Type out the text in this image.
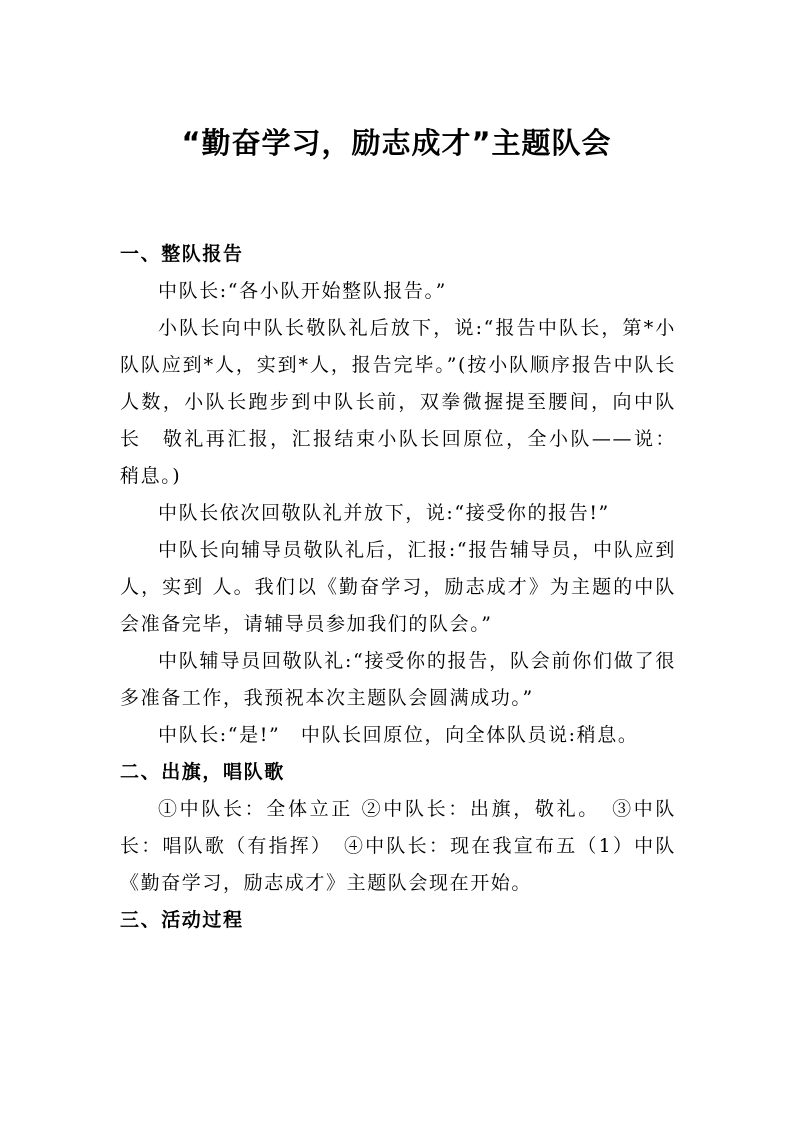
“勤奋学习，励志成才”主题队会

一、整队报告

中队长:“各小队开始整队报告。”

小队长向中队长敬队礼后放下，说:“报告中队长，第*小队队应到*人，实到*人，报告完毕。”(按小队顺序报告中队长人数，小队长跑步到中队长前，双拳微握提至腰间，向中队长　敬礼再汇报，汇报结束小队长回原位，全小队——说：稍息。)

中队长依次回敬队礼并放下，说:“接受你的报告!”

中队长向辅导员敬队礼后，汇报:“报告辅导员，中队应到 人，实到 人。我们以《勤奋学习，励志成才》为主题的中队会准备完毕，请辅导员参加我们的队会。”

中队辅导员回敬队礼:“接受你的报告，队会前你们做了很多准备工作，我预祝本次主题队会圆满成功。”

中队长:“是!”　中队长回原位，向全体队员说:稍息。

二、出旗，唱队歌

①中队长：全体立正 ②中队长：出旗，敬礼。　③中队长：唱队歌（有指挥）　④中队长：现在我宣布五（1）中队《勤奋学习，励志成才》主题队会现在开始。

三、活动过程
